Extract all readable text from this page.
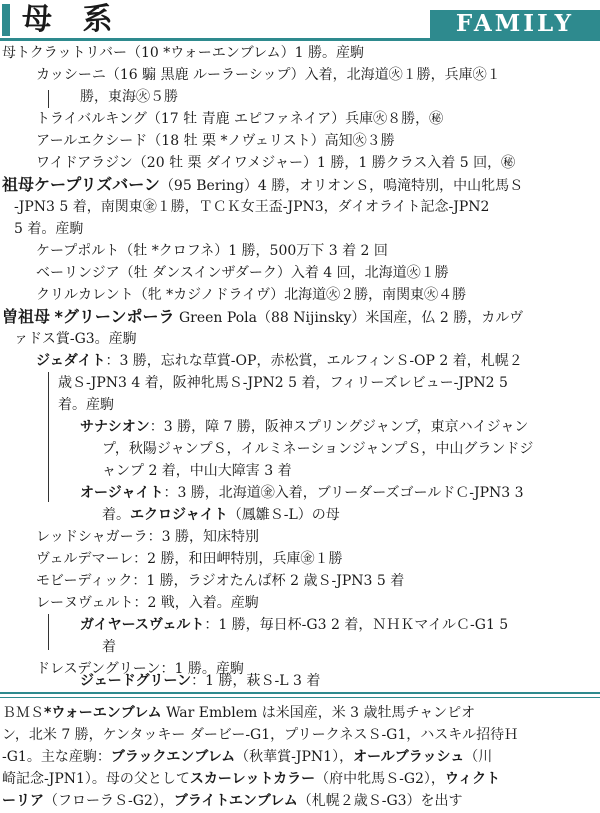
母 系	FAMILY
母トクラットリバー（10 *ウォーエンブレム）1 勝。産駒
カッシーニ（16 騸 黒鹿 ルーラーシップ）入着，北海道㊋１勝，兵庫㊋１
勝，東海㊋５勝
トライバルキング（17 牡 青鹿 エピファネイア）兵庫㊋８勝，㊙
アールエクシード（18 牡 栗 *ノヴェリスト）高知㊋３勝
ワイドアラジン（20 牡 栗 ダイワメジャー）1 勝，1 勝クラス入着 5 回，㊙
祖母ケープリズバーン（95 Bering）4 勝，オリオンＳ，鳴滝特別，中山牝馬Ｓ
-JPN3 5 着，南関東㊎１勝，ＴＣＫ女王盃-JPN3，ダイオライト記念-JPN2
5 着。産駒
ケープポルト（牡 *クロフネ）1 勝，500万下 3 着 2 回
ベーリンジア（牡 ダンスインザダーク）入着 4 回，北海道㊋１勝
クリルカレント（牝 *カジノドライヴ）北海道㊋２勝，南関東㊋４勝
曽祖母 *グリーンポーラ Green Pola（88 Nijinsky）米国産，仏 2 勝，カルヴ
ァドス賞-G3。産駒
ジェダイト：3 勝，忘れな草賞-OP，赤松賞，エルフィンＳ-OP 2 着，札幌２
歳Ｓ-JPN3 4 着，阪神牝馬Ｓ-JPN2 5 着，フィリーズレビュー-JPN2 5
着。産駒
サナシオン：3 勝，障 7 勝，阪神スプリングジャンプ，東京ハイジャン
プ，秋陽ジャンプＳ，イルミネーションジャンプＳ，中山グランドジ
ャンプ 2 着，中山大障害 3 着
オージャイト：3 勝，北海道㊎入着，ブリーダーズゴールドＣ-JPN3 3
着。エクロジャイト（鳳雛Ｓ-L）の母
レッドシャガーラ：3 勝，知床特別
ヴェルデマーレ：2 勝，和田岬特別，兵庫㊎１勝
モビーディック：1 勝，ラジオたんぱ杯 2 歳Ｓ-JPN3 5 着
レーヌヴェルト：2 戦，入着。産駒
ガイヤースヴェルト：1 勝，毎日杯-G3 2 着，ＮＨＫマイルＣ-G1 5
着
ドレスデングリーン：1 勝。産駒
ジェードグリーン：1 勝，萩Ｓ-L 3 着
ＢＭＳ*ウォーエンブレム War Emblem は米国産，米 3 歳牡馬チャンピオ
ン，北米 7 勝，ケンタッキー ダービー-G1，プリークネスＳ-G1，ハスキル招待Ｈ
-G1。主な産駒：ブラックエンブレム（秋華賞-JPN1），オールブラッシュ（川
崎記念-JPN1）。母の父としてスカーレットカラー（府中牝馬Ｓ-G2），ウィクト
ーリア（フローラＳ-G2），ブライトエンブレム（札幌２歳Ｓ-G3）を出す
